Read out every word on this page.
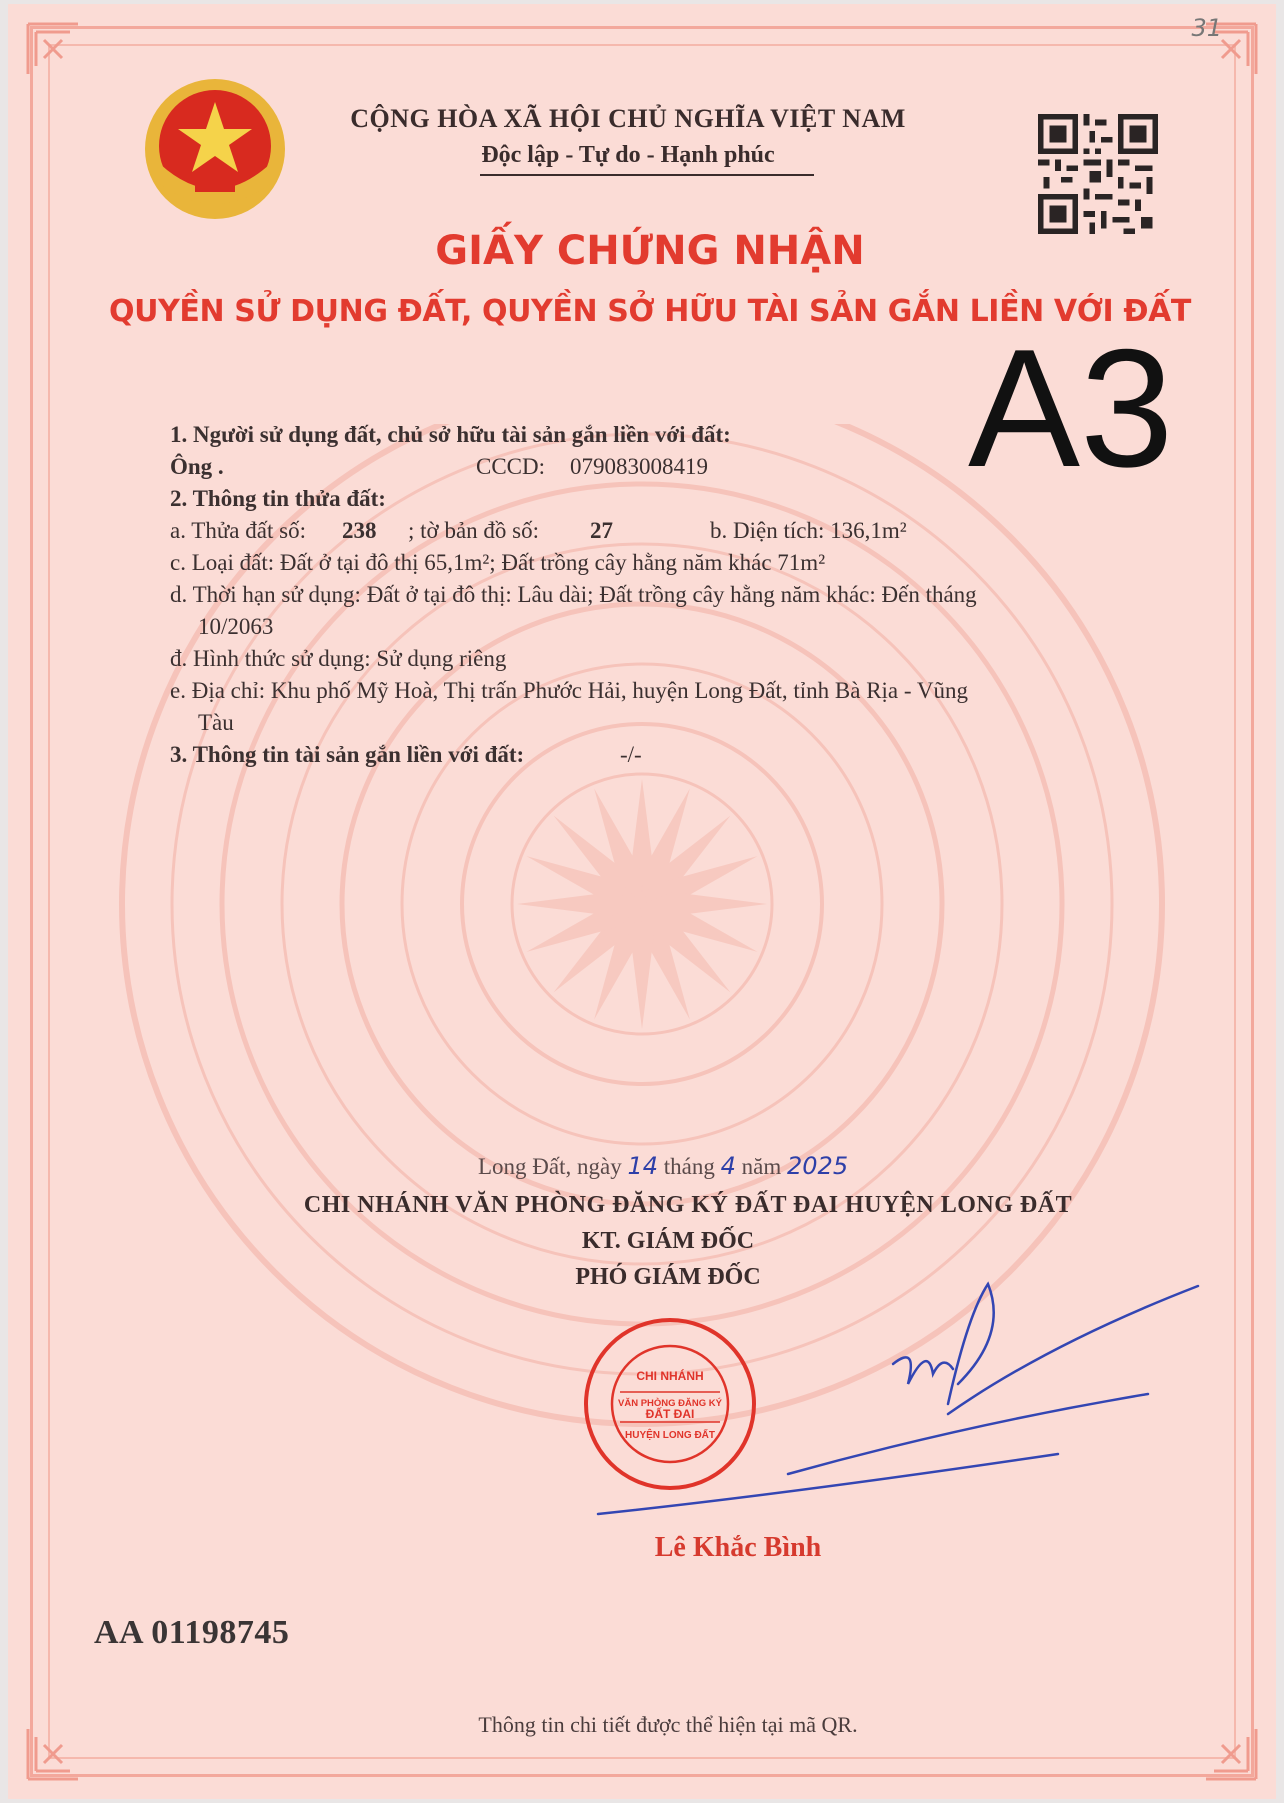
31
CỘNG HÒA XÃ HỘI CHỦ NGHĨA VIỆT NAM

Độc lập - Tự do - Hạnh phúc

GIẤY CHỨNG NHẬN
QUYỀN SỬ DỤNG ĐẤT, QUYỀN SỞ HỮU TÀI SẢN GẮN LIỀN VỚI ĐẤT

A3

1. Người sử dụng đất, chủ sở hữu tài sản gắn liền với đất:
Ông .	CCCD: 079083008419
2. Thông tin thửa đất:
a. Thửa đất số: 238 ; tờ bản đồ số: 27	b. Diện tích: 136,1m²
c. Loại đất: Đất ở tại đô thị 65,1m²; Đất trồng cây hằng năm khác 71m²
d. Thời hạn sử dụng: Đất ở tại đô thị: Lâu dài; Đất trồng cây hằng năm khác: Đến tháng
10/2063
đ. Hình thức sử dụng: Sử dụng riêng
e. Địa chỉ: Khu phố Mỹ Hoà, Thị trấn Phước Hải, huyện Long Đất, tỉnh Bà Rịa - Vũng
Tàu
3. Thông tin tài sản gắn liền với đất:	-/-
Long Đất, ngày 14 tháng 4 năm 2025

CHI NHÁNH VĂN PHÒNG ĐĂNG KÝ ĐẤT ĐAI HUYỆN LONG ĐẤT

KT. GIÁM ĐỐC

PHÓ GIÁM ĐỐC

CHI NHÁNH
VĂN PHÒNG ĐĂNG KÝ
ĐẤT ĐAI
HUYỆN LONG ĐẤT

Lê Khắc Bình

AA 01198745

Thông tin chi tiết được thể hiện tại mã QR.
